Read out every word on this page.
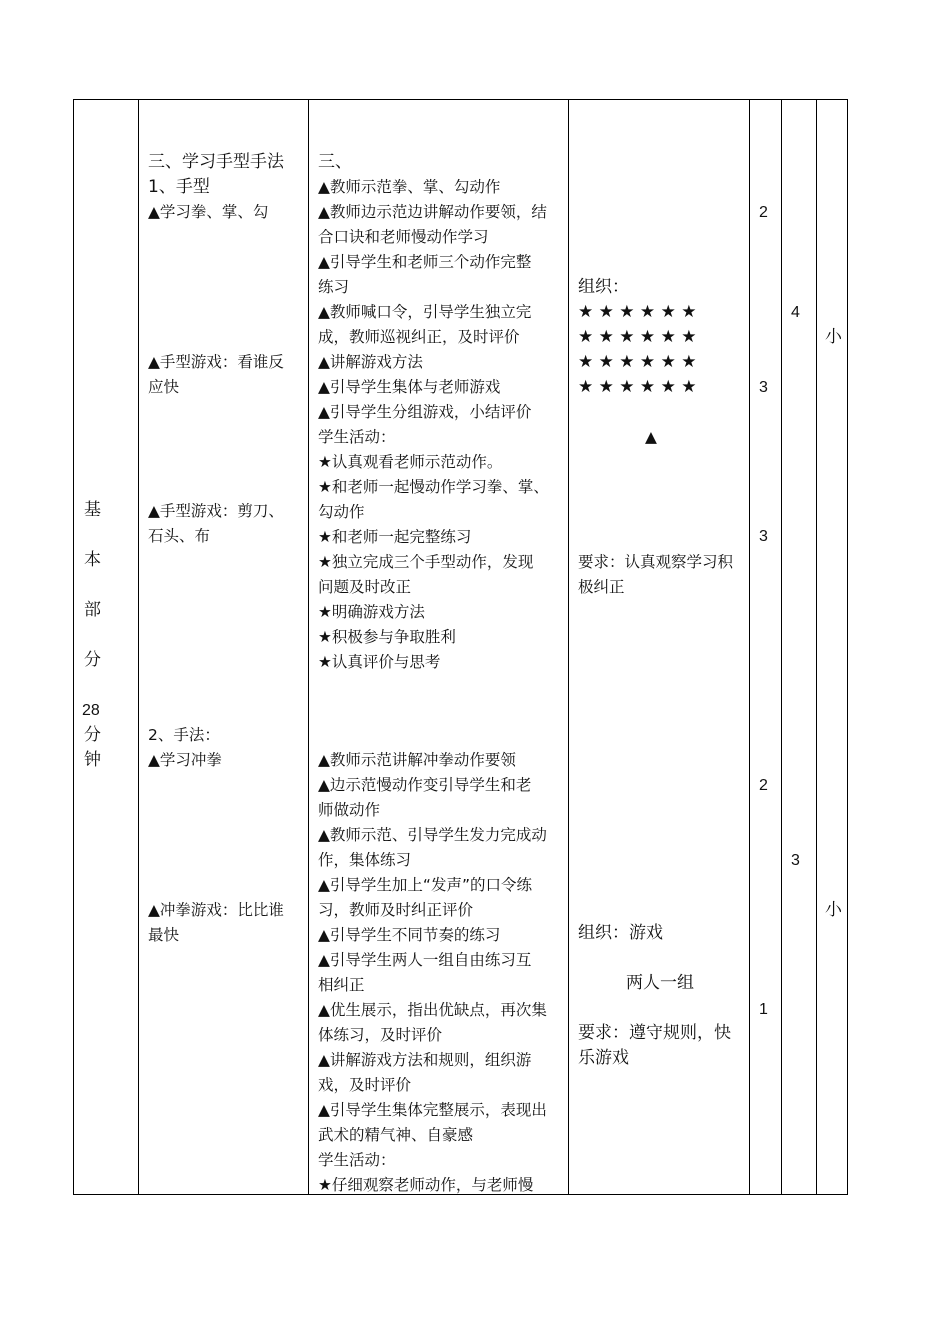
基
本
部
分
28
分
钟
三、学习手型手法
1、手型
▲学习拳、掌、勾
▲手型游戏：看谁反
应快
▲手型游戏：剪刀、
石头、布
2、手法：
▲学习冲拳
▲冲拳游戏：比比谁
最快
三、
▲教师示范拳、掌、勾动作
▲教师边示范边讲解动作要领，结
合口诀和老师慢动作学习
▲引导学生和老师三个动作完整
练习
▲教师喊口令，引导学生独立完
成，教师巡视纠正，及时评价
▲讲解游戏方法
▲引导学生集体与老师游戏
▲引导学生分组游戏，小结评价
学生活动：
★认真观看老师示范动作。
★和老师一起慢动作学习拳、掌、
勾动作
★和老师一起完整练习
★独立完成三个手型动作，发现
问题及时改正
★明确游戏方法
★积极参与争取胜利
★认真评价与思考
▲教师示范讲解冲拳动作要领
▲边示范慢动作变引导学生和老
师做动作
▲教师示范、引导学生发力完成动
作，集体练习
▲引导学生加上“发声”的口令练
习，教师及时纠正评价
▲引导学生不同节奏的练习
▲引导学生两人一组自由练习互
相纠正
▲优生展示，指出优缺点，再次集
体练习，及时评价
▲讲解游戏方法和规则，组织游
戏，及时评价
▲引导学生集体完整展示，表现出
武术的精气神、自豪感
学生活动：
★仔细观察老师动作，与老师慢
组织：
★ ★ ★ ★ ★ ★
★ ★ ★ ★ ★ ★
★ ★ ★ ★ ★ ★
★ ★ ★ ★ ★ ★
▲
要求：认真观察学习积
极纠正
组织：游戏
两人一组
要求：遵守规则，快
乐游戏
2
3
3
2
1
4
3
小
小
